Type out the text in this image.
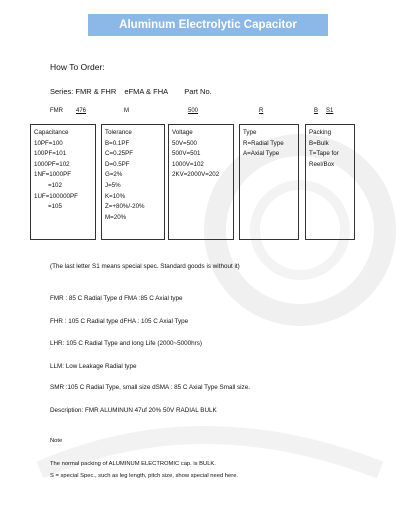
Aluminum Electrolytic Capacitor
How To Order:
Series: FMR & FHR eFMA & FHA Part No.
FMR 476	M	500	R	B S1
Capacitance
10PF=100
100PF=101
1000PF=102
1NF=1000PF
=102
1UF=100000PF
=105
Tolerance
B=0.1PF
C=0.25PF
D=0.5PF
G=2%
J=5%
K=10%
Z=+80%/-20%
M=20%
Voltage
50V=500
500V=501
1000V=102
2KV=2000V=202
Type
R=Radial Type
A=Axial Type
Packing
B=Bulk
T=Tape for
Reel/Box
(The last letter S1 means special spec. Standard goods is without it)
FMR : 85 C Radial Type d FMA :85 C Axial type
FHR : 105 C Radial type dFHA : 105 C Axial Type
LHR: 105 C Radial Type and long Life (2000~5000hrs)
LLM: Low Leakage Radial type
SMR :105 C Radial Type, small size dSMA : 85 C Axial Type Small size.
Description: FMR ALUMINUN 47uf 20% 50V RADIAL BULK
Note
The normal packing of ALUMINUM ELECTROMIC cap. is BULK.
S = special Spec., such as leg length, pitch size, show special need here.
